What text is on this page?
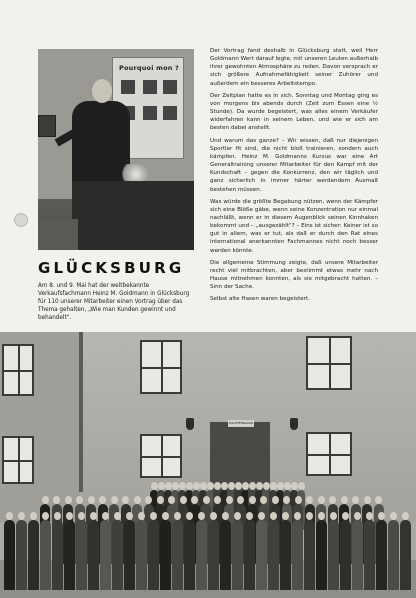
Pourquoi mon ?
GLÜCKSBURG
Am 8. und 9. Mai hat der weltbekannte Verkaufsfachmann Heinz M. Goldmann in Glücksburg für 110 unserer Mitarbeiter einen Vortrag über das Thema gehalten, „Wie man Kunden gewinnt und behandelt".

Der Vortrag fand deshalb in Glücksburg statt, weil Herr Goldmann Wert darauf legte, mit unseren Leuten außerhalb ihrer gewohnten Atmosphäre zu reden. Davon versprach er sich größere Aufnahmefähigkeit seiner Zuhörer und außerdem ein besseres Arbeitstempo.

Der Zeitplan hatte es in sich. Sonntag und Montag ging es von morgens bis abends durch (Zeit zum Essen eine ½ Stunde). Da wurde begeistert, was alles einem Verkäufer widerfahren kann in seinem Leben, und wie er sich am besten dabei anstellt.

Und warum das ganze? – Wir wissen, daß nur diejenigen Sportler fit sind, die nicht bloß trainieren, sondern auch kämpfen. Heinz M. Goldmanns Kursus war eine Art Generaltraining unserer Mitarbeiter für den Kampf mit der Kundschaft – gegen die Konkurrenz, den wir täglich und ganz sicherlich in immer härter werdendem Ausmaß bestehen müssen.

Was würde die größte Begabung nützen, wenn der Kämpfer sich eine Blöße gäbe, wenn seine Konzentration nur einmal nachläßt, wenn er in diesem Augenblick seinen Kinnhaken bekommt und – „ausgezählt"? – Eins ist sicher: Keiner ist so gut in allem, was er tut, als daß er durch den Rat eines international anerkannten Fachmannes nicht noch besser werden könnte.

Die allgemeine Stimmung zeigte, daß unsere Mitarbeiter recht viel mitbrachten, aber bestimmt etwas mehr nach Hause mitnehmen konnten, als sie mitgebracht hatten. – Sinn der Sache.

Selbst alte Hasen waren begeistert.

HAUPTEINGANG
